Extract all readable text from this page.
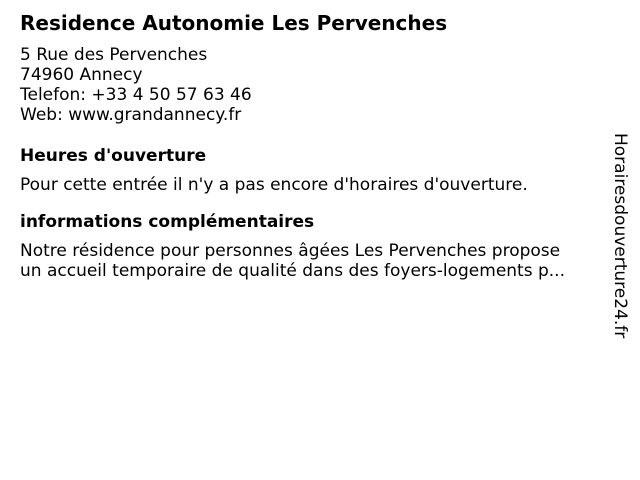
Residence Autonomie Les Pervenches
5 Rue des Pervenches
74960 Annecy
Telefon: +33 4 50 57 63 46
Web: www.grandannecy.fr
Heures d'ouverture

Pour cette entrée il n'y a pas encore d'horaires d'ouverture.

informations complémentaires
Notre résidence pour personnes âgées Les Pervenches propose
un accueil temporaire de qualité dans des foyers-logements p...	Horairesdouverture24.fr
